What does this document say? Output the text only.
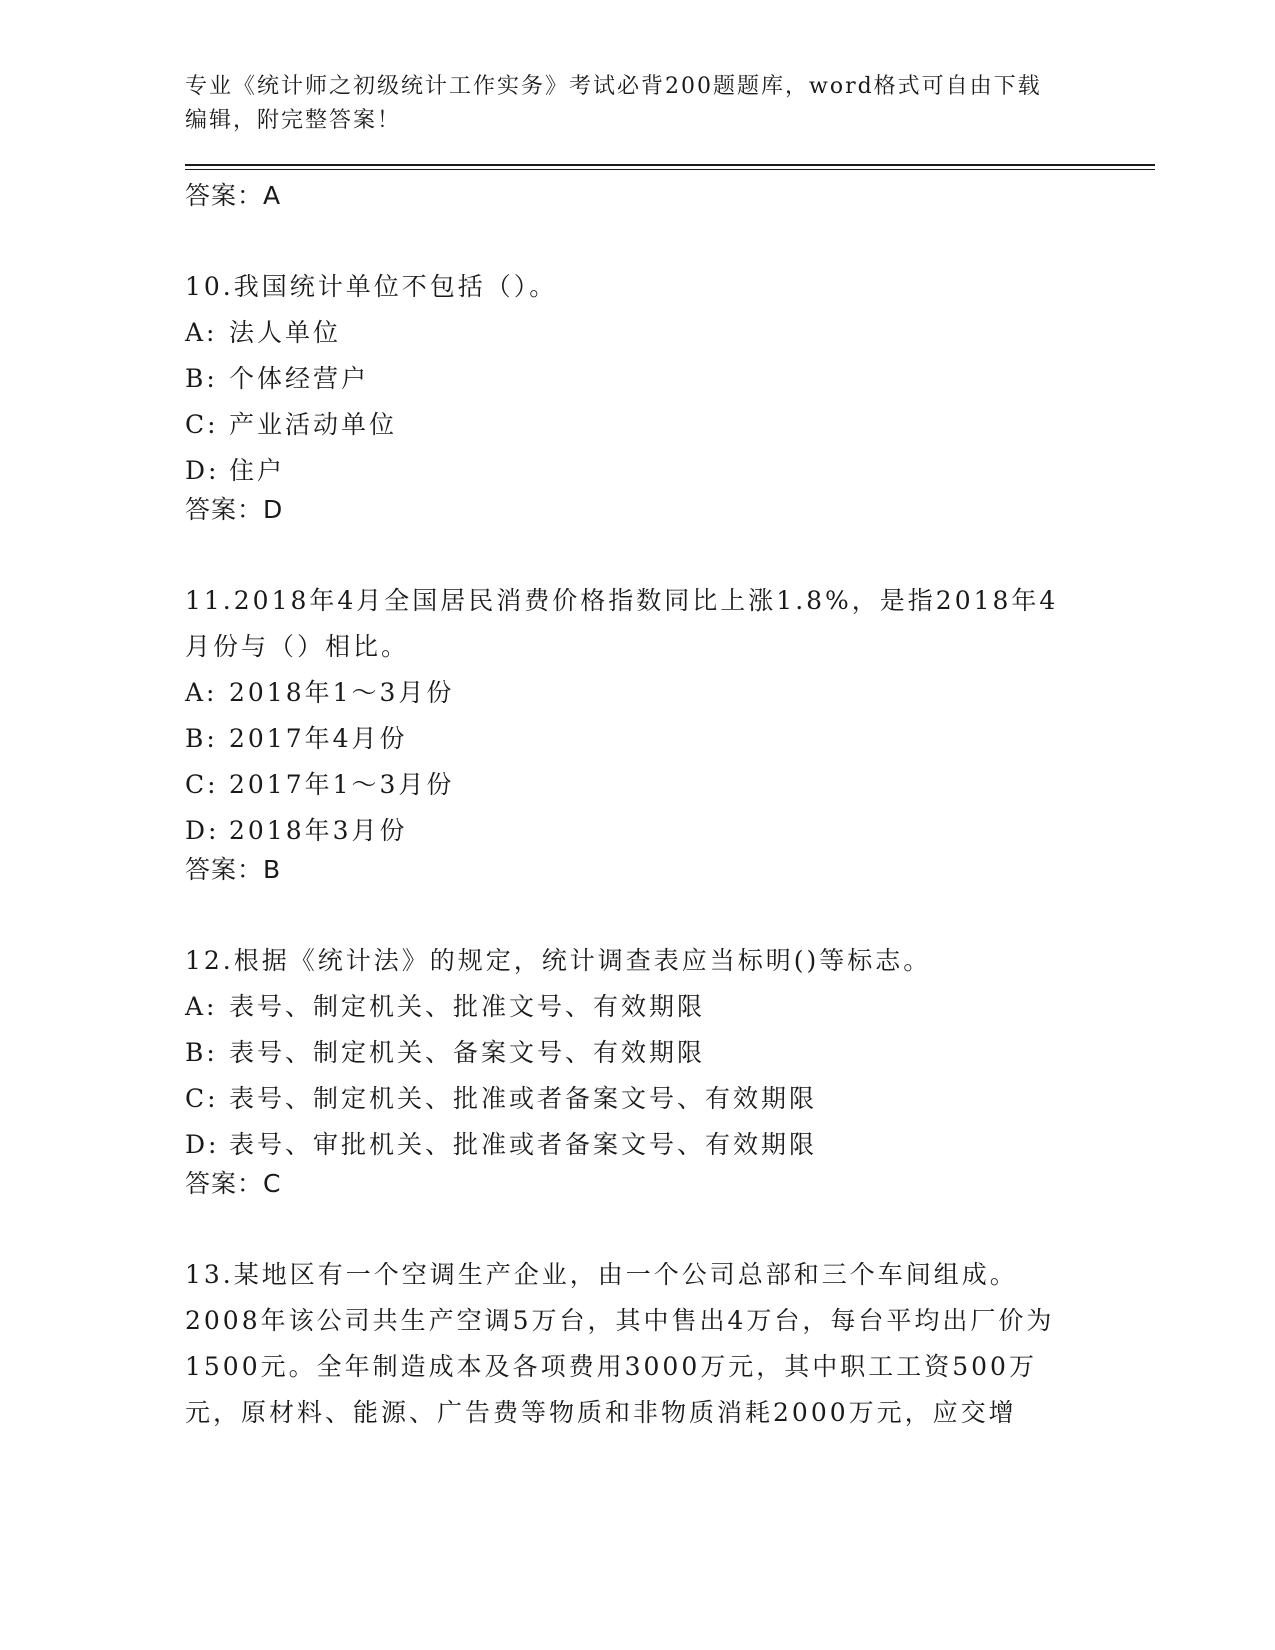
专业《统计师之初级统计工作实务》考试必背200题题库，word格式可自由下载编辑，附完整答案！

答案：A

10.我国统计单位不包括（）。

A: 法人单位

B: 个体经营户

C: 产业活动单位

D: 住户

答案：D

11.2018年4月全国居民消费价格指数同比上涨1.8%，是指2018年4月份与（）相比。

A: 2018年1～3月份

B: 2017年4月份

C: 2017年1～3月份

D: 2018年3月份

答案：B

12.根据《统计法》的规定，统计调查表应当标明()等标志。

A: 表号、制定机关、批准文号、有效期限

B: 表号、制定机关、备案文号、有效期限

C: 表号、制定机关、批准或者备案文号、有效期限

D: 表号、审批机关、批准或者备案文号、有效期限

答案：C

13.某地区有一个空调生产企业，由一个公司总部和三个车间组成。2008年该公司共生产空调5万台，其中售出4万台，每台平均出厂价为1500元。全年制造成本及各项费用3000万元，其中职工工资500万元，原材料、能源、广告费等物质和非物质消耗2000万元，应交增
